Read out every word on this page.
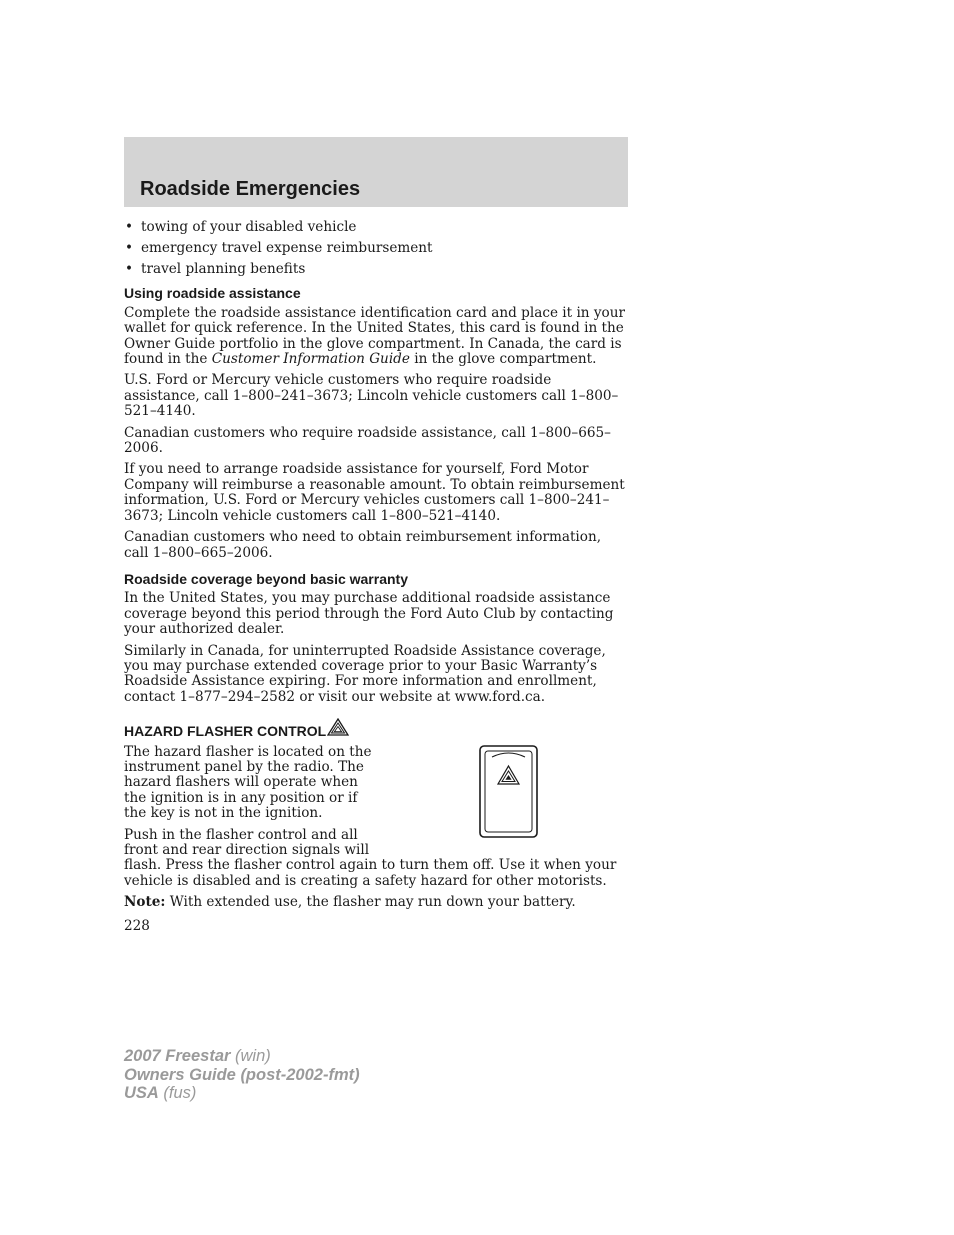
Roadside Emergencies
• towing of your disabled vehicle
• emergency travel expense reimbursement
• travel planning benefits
Using roadside assistance

Complete the roadside assistance identification card and place it in your wallet for quick reference. In the United States, this card is found in the Owner Guide portfolio in the glove compartment. In Canada, the card is found in the Customer Information Guide in the glove compartment.

U.S. Ford or Mercury vehicle customers who require roadside assistance, call 1–800–241–3673; Lincoln vehicle customers call 1–800–521–4140.

Canadian customers who require roadside assistance, call 1–800–665–2006.

If you need to arrange roadside assistance for yourself, Ford Motor Company will reimburse a reasonable amount. To obtain reimbursement information, U.S. Ford or Mercury vehicles customers call 1–800–241–3673; Lincoln vehicle customers call 1–800–521–4140.

Canadian customers who need to obtain reimbursement information, call 1–800–665–2006.

Roadside coverage beyond basic warranty

In the United States, you may purchase additional roadside assistance coverage beyond this period through the Ford Auto Club by contacting your authorized dealer.

Similarly in Canada, for uninterrupted Roadside Assistance coverage, you may purchase extended coverage prior to your Basic Warranty’s Roadside Assistance expiring. For more information and enrollment, contact 1–877–294–2582 or visit our website at www.ford.ca.

HAZARD FLASHER CONTROL

The hazard flasher is located on the instrument panel by the radio. The hazard flashers will operate when the ignition is in any position or if the key is not in the ignition.

Push in the flasher control and all front and rear direction signals will

flash. Press the flasher control again to turn them off. Use it when your vehicle is disabled and is creating a safety hazard for other motorists.

Note: With extended use, the flasher may run down your battery.

228
2007 Freestar (win)
Owners Guide (post-2002-fmt)
USA (fus)
